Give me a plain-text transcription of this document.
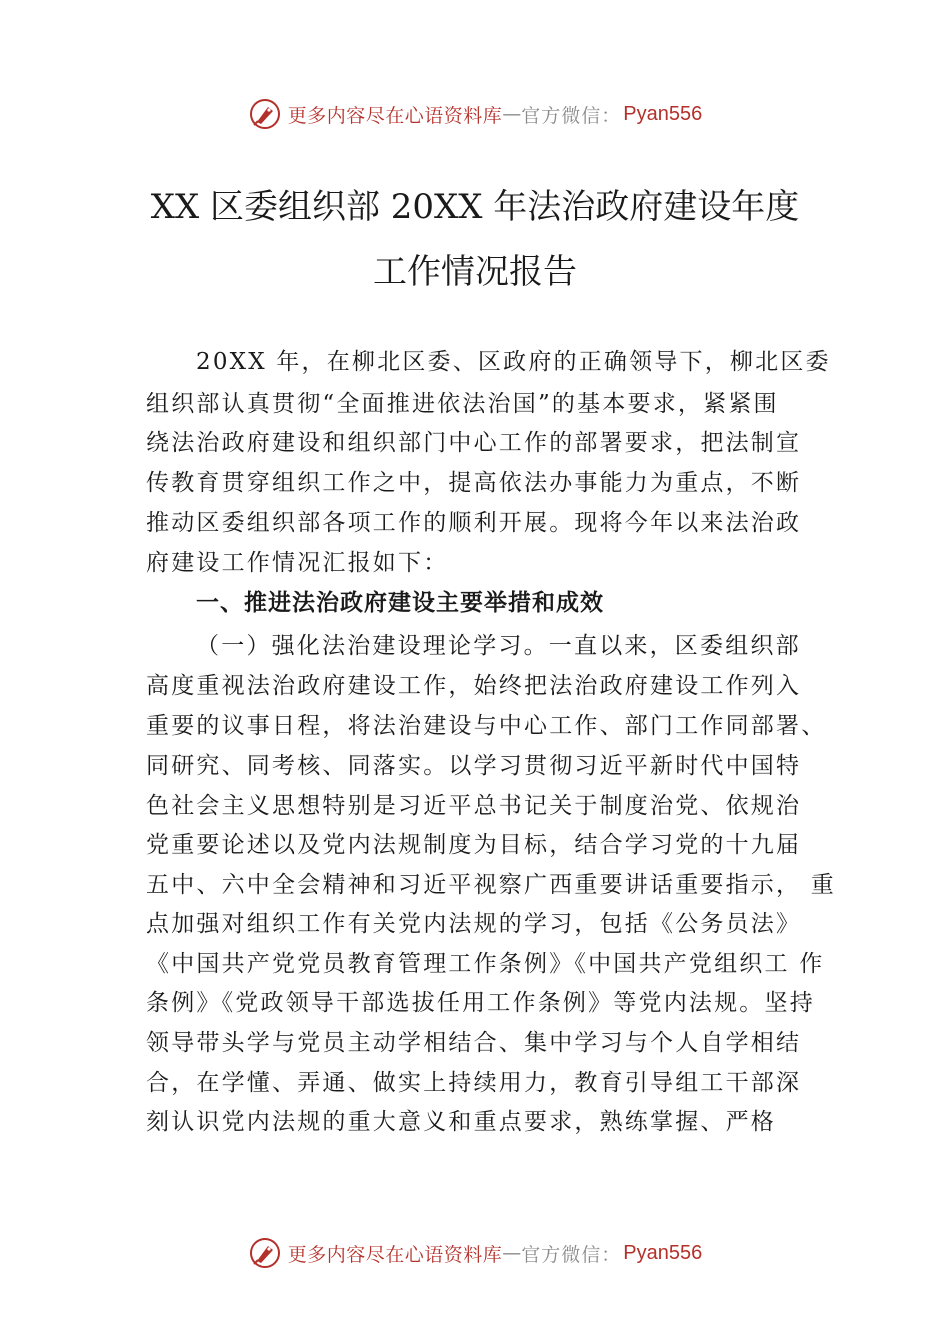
更多内容尽在心语资料库 — 官方微信： Pyan556
XX 区委组织部 20XX 年法治政府建设年度
工作情况报告
20XX 年，在柳北区委、区政府的正确领导下，柳北区委
组织部认真贯彻“全面推进依法治国”的基本要求，紧紧围
绕法治政府建设和组织部门中心工作的部署要求，把法制宣
传教育贯穿组织工作之中，提高依法办事能力为重点，不断
推动区委组织部各项工作的顺利开展。现将今年以来法治政
府建设工作情况汇报如下：
一、推进法治政府建设主要举措和成效
（一）强化法治建设理论学习。一直以来，区委组织部
高度重视法治政府建设工作，始终把法治政府建设工作列入
重要的议事日程，将法治建设与中心工作、部门工作同部署、
同研究、同考核、同落实。以学习贯彻习近平新时代中国特
色社会主义思想特别是习近平总书记关于制度治党、依规治
党重要论述以及党内法规制度为目标，结合学习党的十九届
五中、六中全会精神和习近平视察广西重要讲话重要指示， 重
点加强对组织工作有关党内法规的学习，包括《公务员法》
《中国共产党党员教育管理工作条例》《中国共产党组织工 作
条例》《党政领导干部选拔任用工作条例》等党内法规。坚持
领导带头学与党员主动学相结合、集中学习与个人自学相结
合，在学懂、弄通、做实上持续用力，教育引导组工干部深
刻认识党内法规的重大意义和重点要求，熟练掌握、严格
更多内容尽在心语资料库 — 官方微信： Pyan556
